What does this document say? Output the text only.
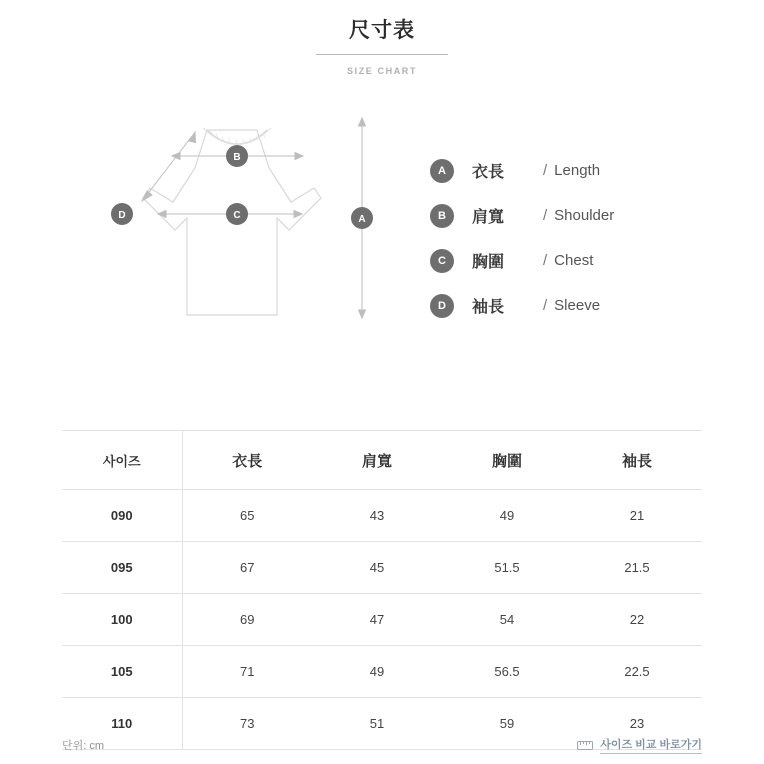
尺寸表
SIZE CHART
A
B
C
D
A	衣長	/ Length
B	肩寬	/ Shoulder
C	胸圍	/ Chest
D	袖長	/ Sleeve
사이즈	衣長	肩寬	胸圍	袖長
090	65	43	49	21
095	67	45	51.5	21.5
100	69	47	54	22
105	71	49	56.5	22.5
110	73	51	59	23
단위: cm	사이즈 비교 바로가기
